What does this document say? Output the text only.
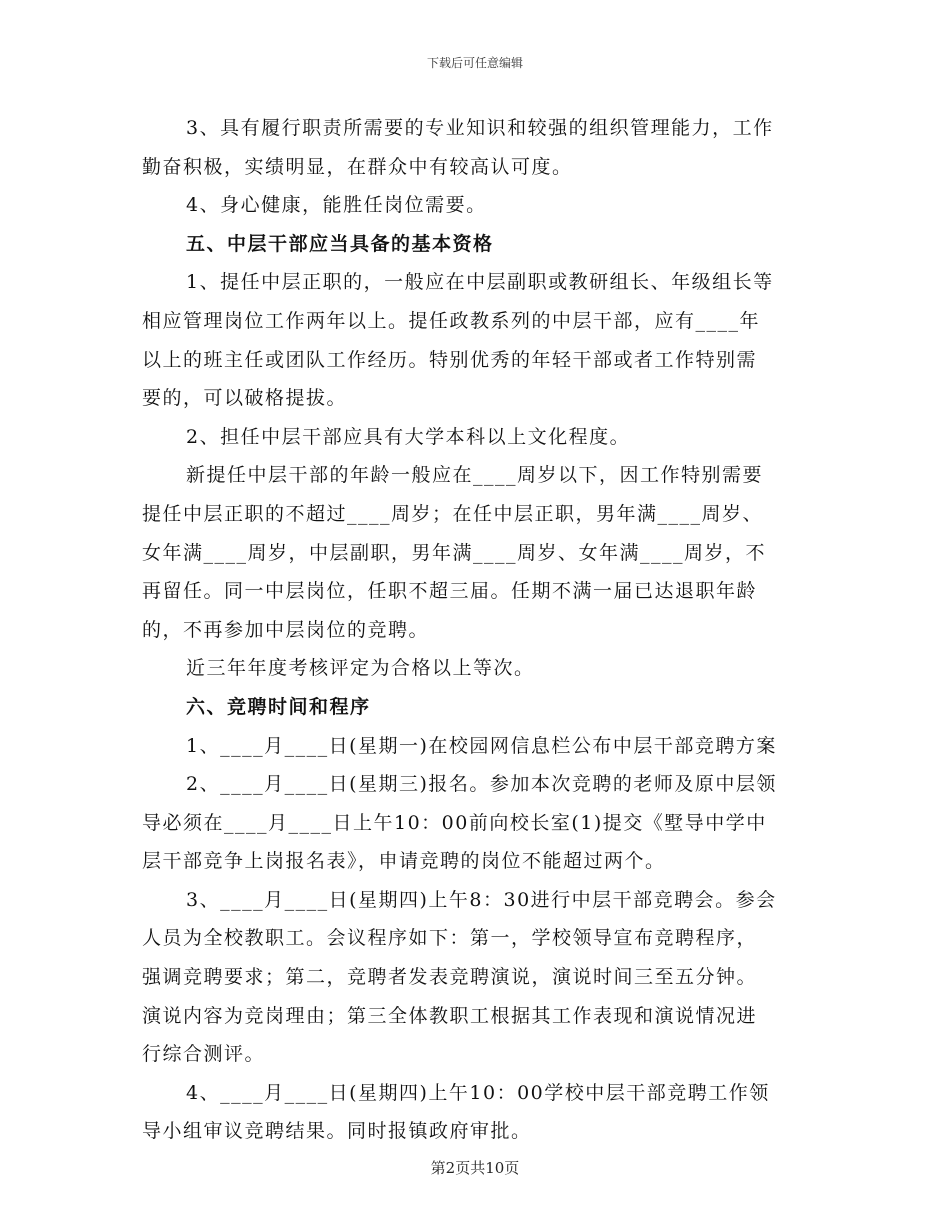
下载后可任意编辑
3、具有履行职责所需要的专业知识和较强的组织管理能力，工作
勤奋积极，实绩明显，在群众中有较高认可度。
4、身心健康，能胜任岗位需要。
五、中层干部应当具备的基本资格
1、提任中层正职的，一般应在中层副职或教研组长、年级组长等
相应管理岗位工作两年以上。提任政教系列的中层干部，应有____年
以上的班主任或团队工作经历。特别优秀的年轻干部或者工作特别需
要的，可以破格提拔。
2、担任中层干部应具有大学本科以上文化程度。
新提任中层干部的年龄一般应在____周岁以下，因工作特别需要
提任中层正职的不超过____周岁；在任中层正职，男年满____周岁、
女年满____周岁，中层副职，男年满____周岁、女年满____周岁，不
再留任。同一中层岗位，任职不超三届。任期不满一届已达退职年龄
的，不再参加中层岗位的竞聘。
近三年年度考核评定为合格以上等次。
六、竞聘时间和程序
1、____月____日(星期一)在校园网信息栏公布中层干部竞聘方案
2、____月____日(星期三)报名。参加本次竞聘的老师及原中层领
导必须在____月____日上午10：00前向校长室(1)提交《墅导中学中
层干部竞争上岗报名表》，申请竞聘的岗位不能超过两个。
3、____月____日(星期四)上午8：30进行中层干部竞聘会。参会
人员为全校教职工。会议程序如下：第一，学校领导宣布竞聘程序，
强调竞聘要求；第二，竞聘者发表竞聘演说，演说时间三至五分钟。
演说内容为竞岗理由；第三全体教职工根据其工作表现和演说情况进
行综合测评。
4、____月____日(星期四)上午10：00学校中层干部竞聘工作领
导小组审议竞聘结果。同时报镇政府审批。
第2页共10页
